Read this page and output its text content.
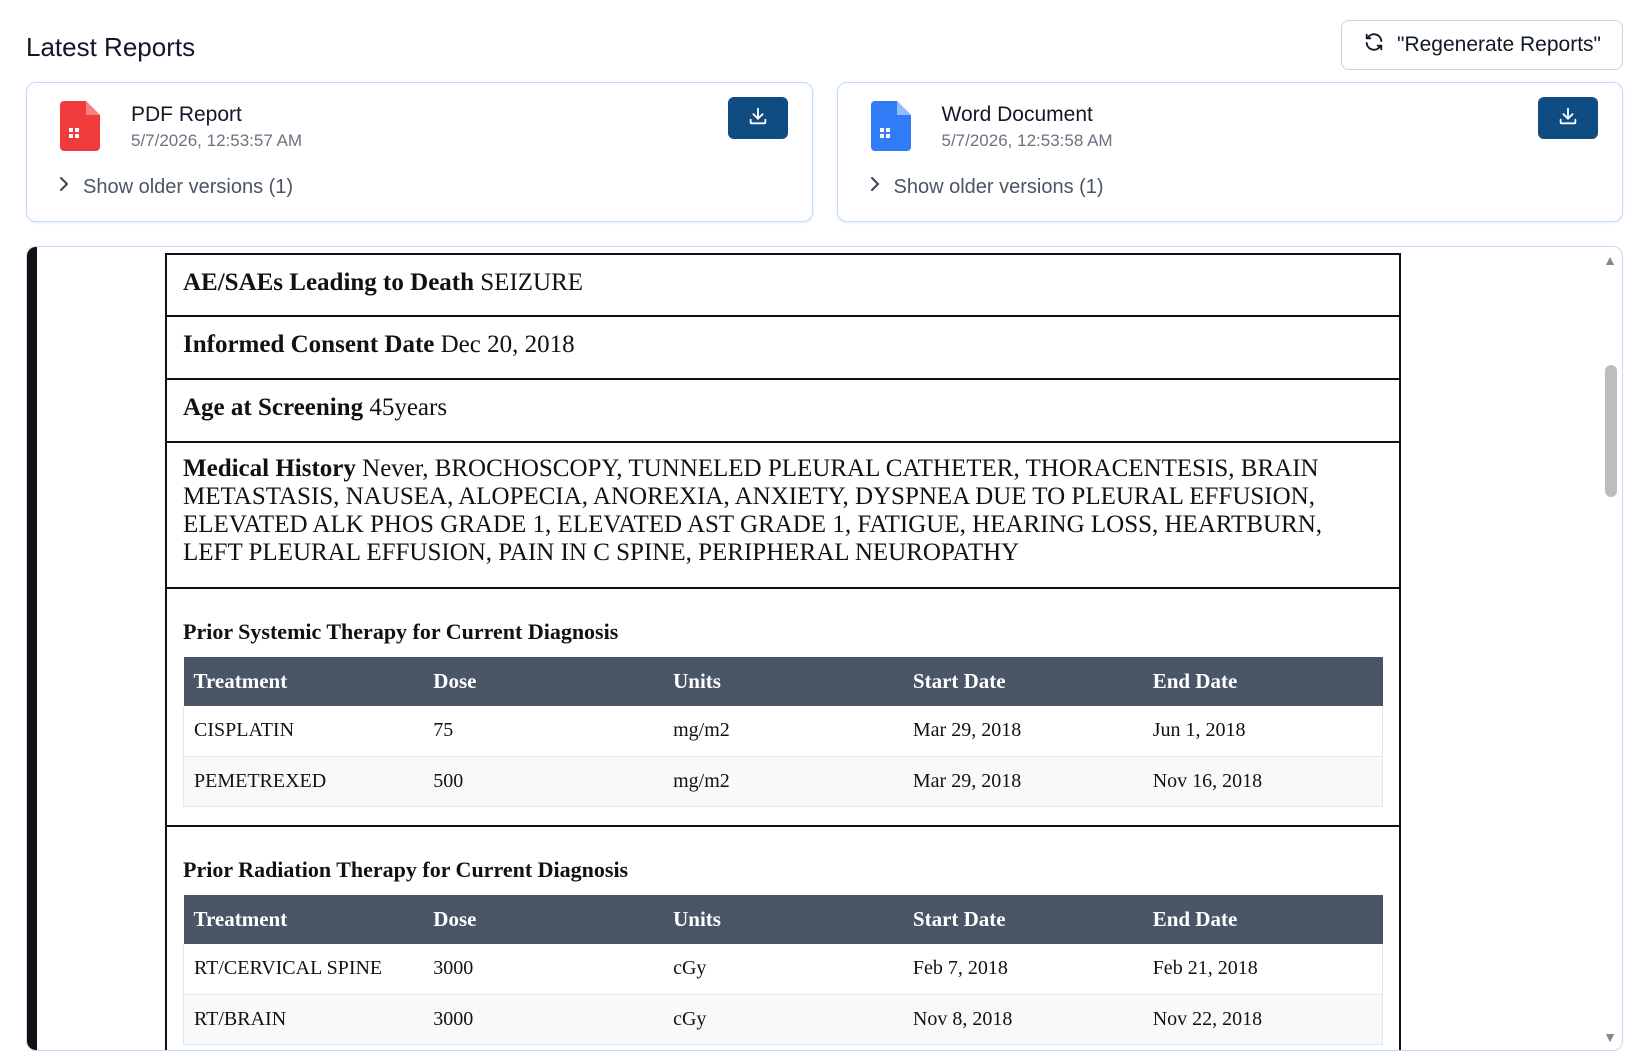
Latest Reports	"Regenerate Reports"
PDF Report
5/7/2026, 12:53:57 AM
Show older versions (1)
Word Document
5/7/2026, 12:53:58 AM
Show older versions (1)
AE/SAEs Leading to Death SEIZURE
Informed Consent Date Dec 20, 2018
Age at Screening 45years
Medical History Never, BROCHOSCOPY, TUNNELED PLEURAL CATHETER, THORACENTESIS, BRAIN METASTASIS, NAUSEA, ALOPECIA, ANOREXIA, ANXIETY, DYSPNEA DUE TO PLEURAL EFFUSION, ELEVATED ALK PHOS GRADE 1, ELEVATED AST GRADE 1, FATIGUE, HEARING LOSS, HEARTBURN, LEFT PLEURAL EFFUSION, PAIN IN C SPINE, PERIPHERAL NEUROPATHY
Prior Systemic Therapy for Current Diagnosis
Treatment	Dose	Units	Start Date	End Date
CISPLATIN	75	mg/m2	Mar 29, 2018	Jun 1, 2018
PEMETREXED	500	mg/m2	Mar 29, 2018	Nov 16, 2018
Prior Radiation Therapy for Current Diagnosis
Treatment	Dose	Units	Start Date	End Date
RT/CERVICAL SPINE	3000	cGy	Feb 7, 2018	Feb 21, 2018
RT/BRAIN	3000	cGy	Nov 8, 2018	Nov 22, 2018
▲
▼
